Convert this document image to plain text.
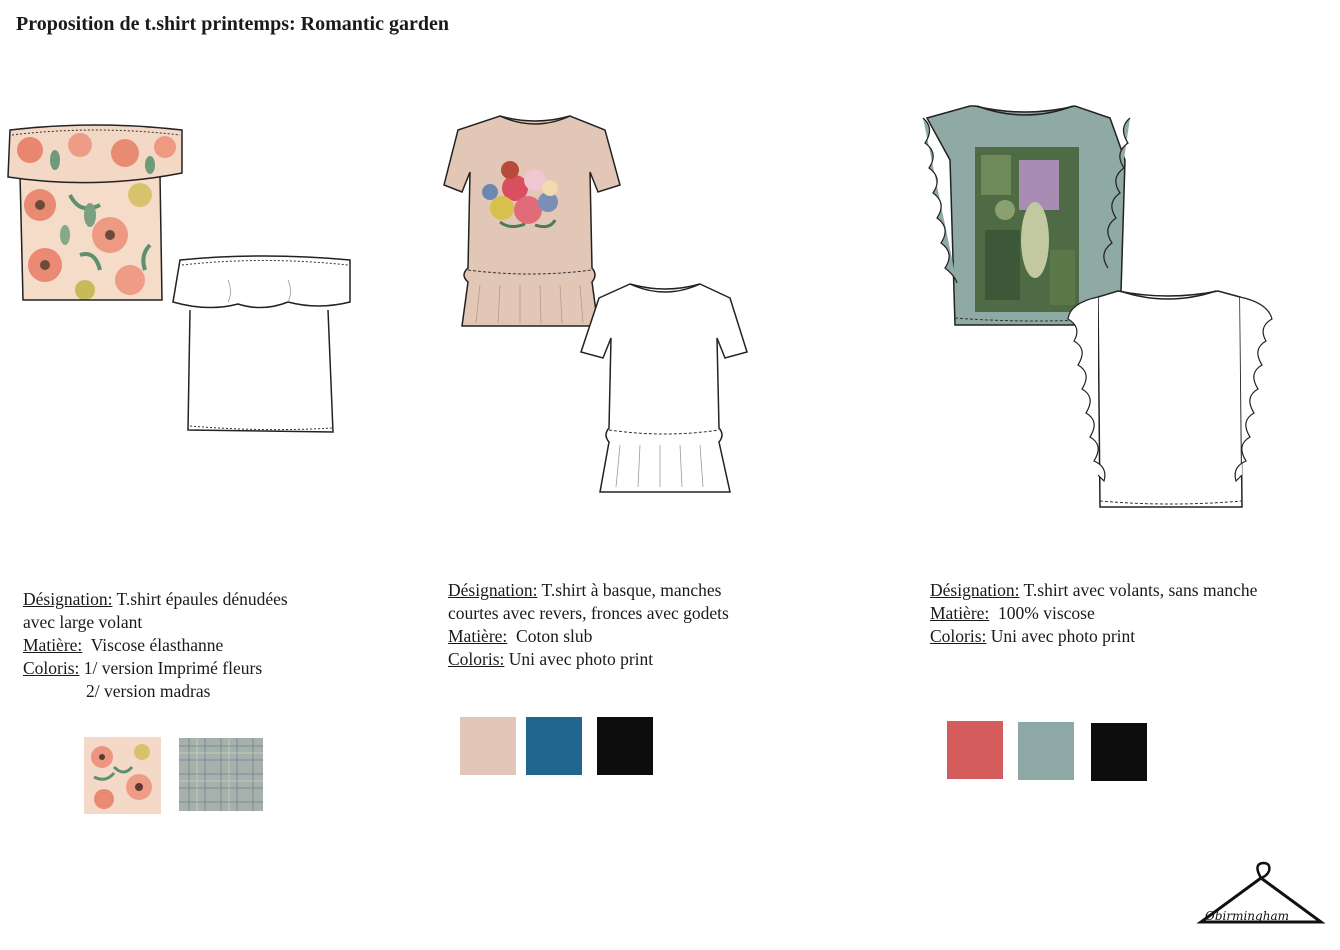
Proposition de t.shirt printemps: Romantic garden
Désignation: T.shirt épaules dénudées
avec large volant
Matière: Viscose élasthanne
Coloris: 1/ version Imprimé fleurs
2/ version madras
Désignation: T.shirt à basque, manches
courtes avec revers, fronces avec godets
Matière: Coton slub
Coloris: Uni avec photo print
Désignation: T.shirt avec volants, sans manche
Matière: 100% viscose
Coloris: Uni avec photo print
Obirmingham
